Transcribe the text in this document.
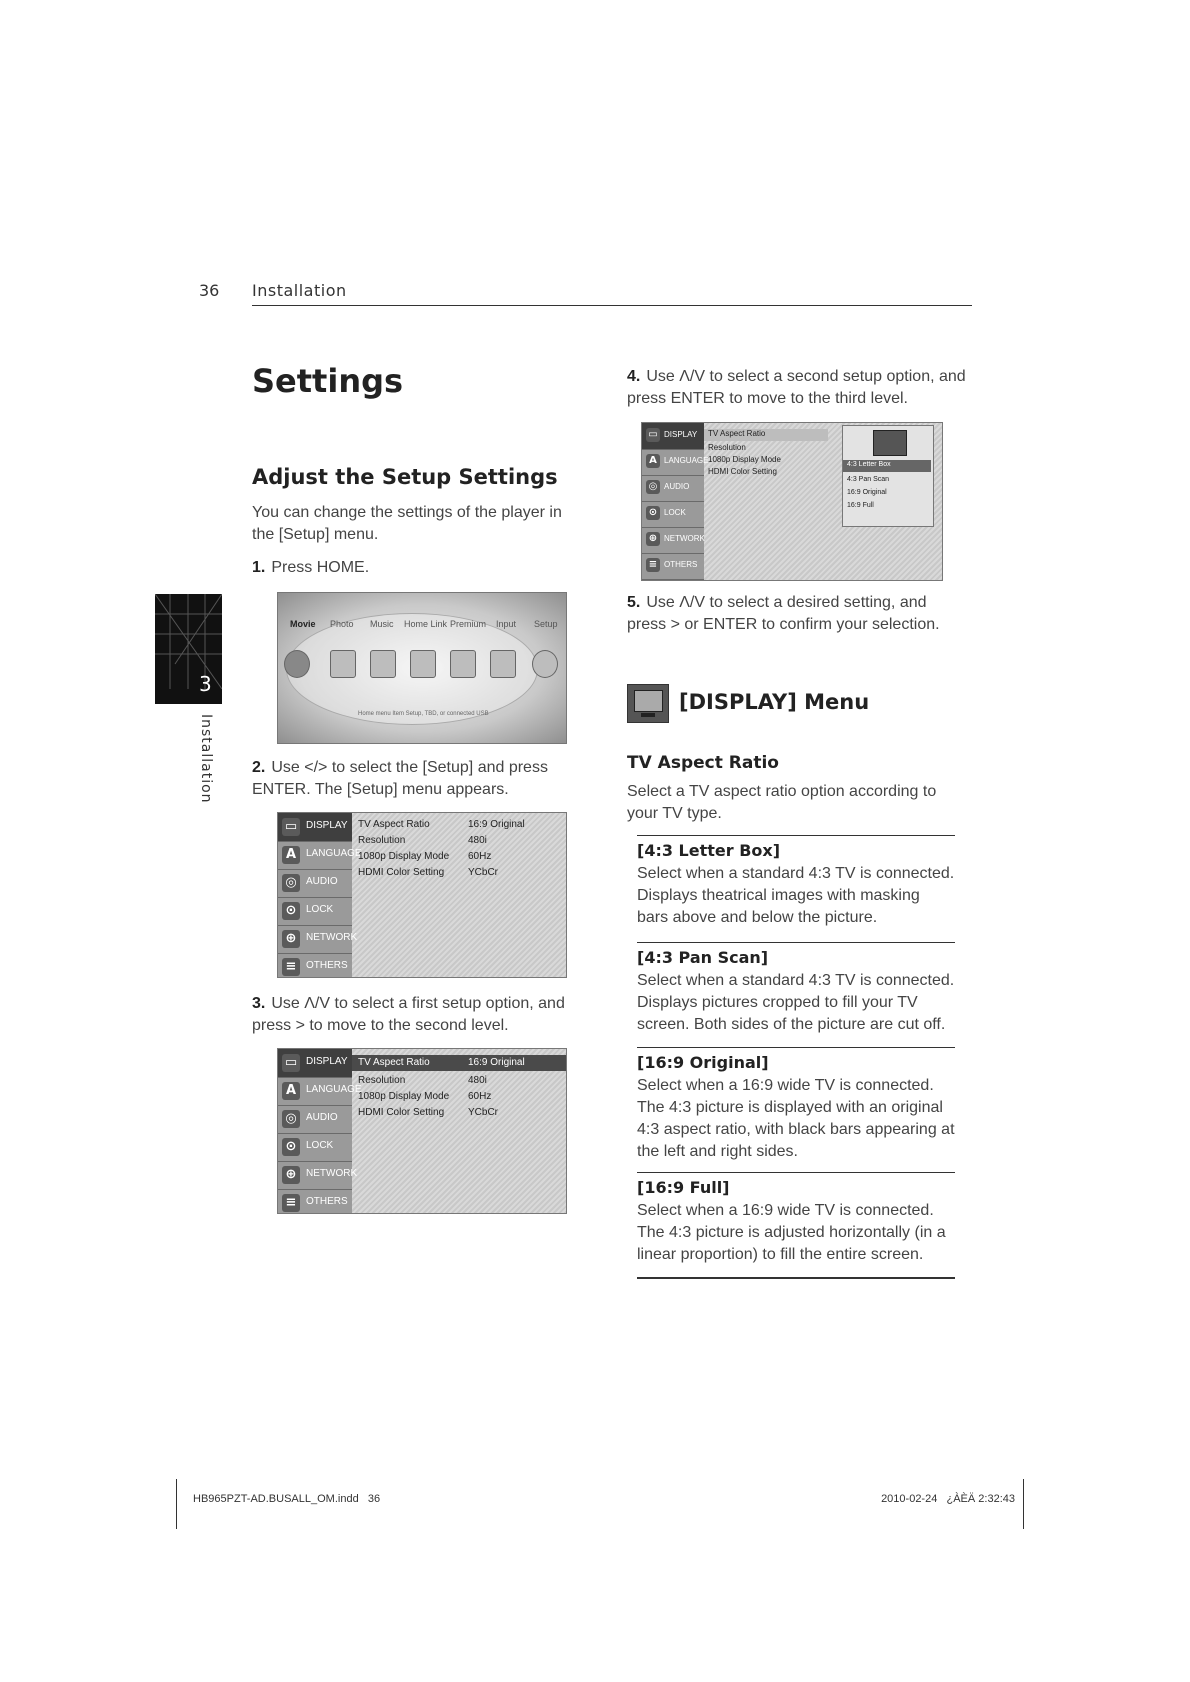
36 Installation
3
Installation
Settings
Adjust the Setup Settings
You can change the settings of the player in the [Setup] menu.
1. Press HOME.
Movie Photo Music Home Link Premium Input Setup
Home menu Item Setup, TBD, or connected USB
2. Use </> to select the [Setup] and press ENTER. The [Setup] menu appears.
▭ DISPLAY
A LANGUAGE
◎ AUDIO
⊙ LOCK
⊕ NETWORK
≡ OTHERS
TV Aspect Ratio	16:9 Original
Resolution	480i
1080p Display Mode 60Hz
HDMI Color Setting YCbCr
3. Use Λ/V to select a first setup option, and press > to move to the second level.
▭ DISPLAY
A LANGUAGE
◎ AUDIO
⊙ LOCK
⊕ NETWORK
≡ OTHERS
TV Aspect Ratio	16:9 Original
Resolution	480i
1080p Display Mode 60Hz
HDMI Color Setting YCbCr
4. Use Λ/V to select a second setup option, and press ENTER to move to the third level.
▭ DISPLAY
A LANGUAGE
◎ AUDIO
⊙ LOCK
⊕ NETWORK
≡ OTHERS
TV Aspect Ratio
Resolution
1080p Display Mode
HDMI Color Setting
4:3 Letter Box
4:3 Pan Scan
16:9 Original
16:9 Full
5. Use Λ/V to select a desired setting, and press > or ENTER to confirm your selection.
[DISPLAY] Menu
TV Aspect Ratio
Select a TV aspect ratio option according to your TV type.
[4:3 Letter Box]
Select when a standard 4:3 TV is connected. Displays theatrical images with masking bars above and below the picture.
[4:3 Pan Scan]
Select when a standard 4:3 TV is connected. Displays pictures cropped to fill your TV screen. Both sides of the picture are cut off.
[16:9 Original]
Select when a 16:9 wide TV is connected. The 4:3 picture is displayed with an original 4:3 aspect ratio, with black bars appearing at the left and right sides.
[16:9 Full]
Select when a 16:9 wide TV is connected. The 4:3 picture is adjusted horizontally (in a linear proportion) to fill the entire screen.
HB965PZT-AD.BUSALL_OM.indd   36	2010-02-24   ¿ÀÈÄ 2:32:43
